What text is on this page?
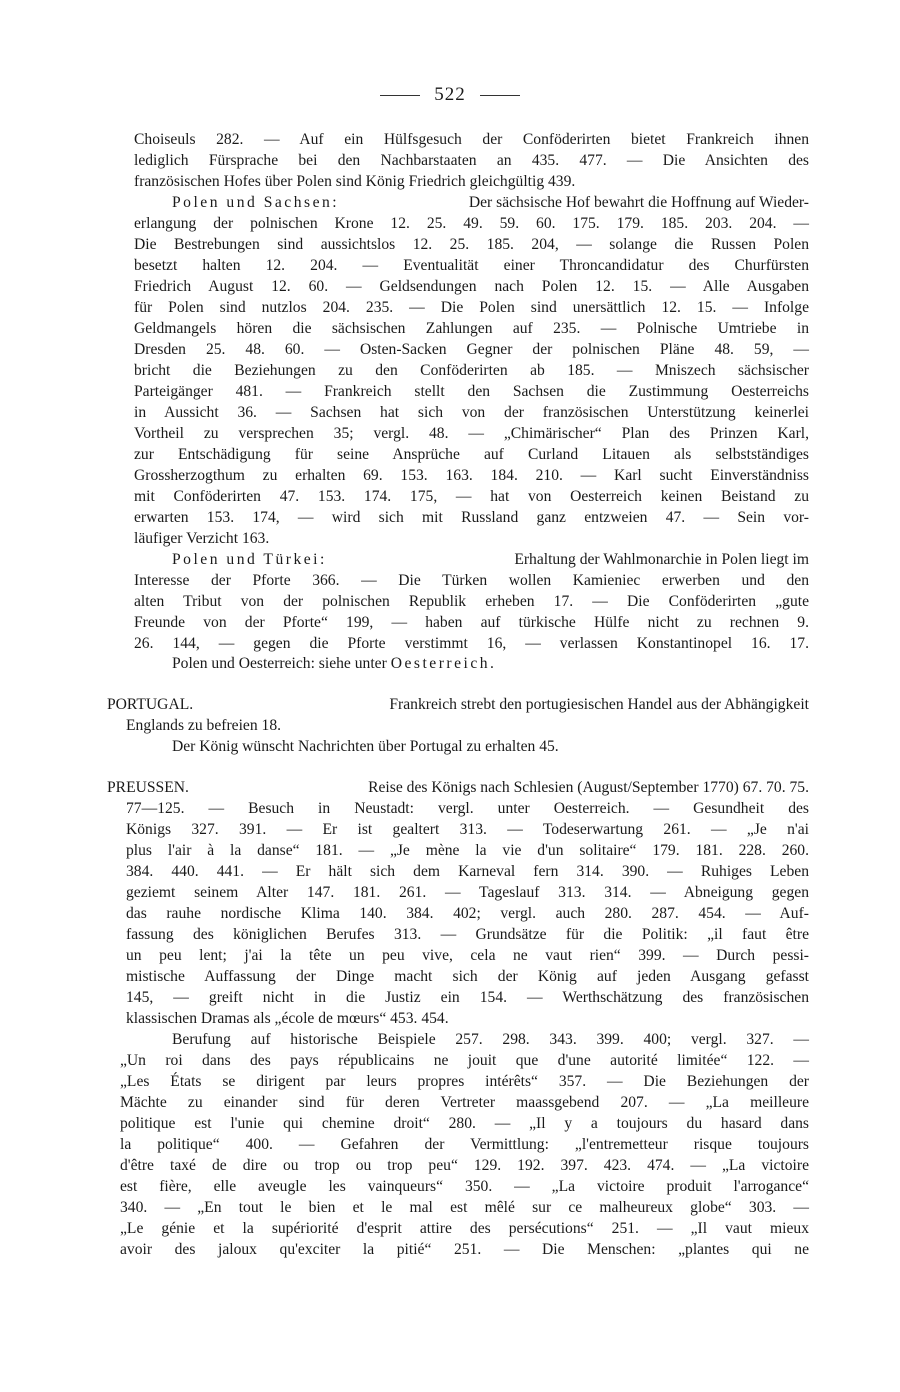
522
Choiseuls 282. — Auf ein Hülfsgesuch der Conföderirten bietet Frankreich ihnen
lediglich Fürsprache bei den Nachbarstaaten an 435. 477. — Die Ansichten des
französischen Hofes über Polen sind König Friedrich gleichgültig 439.
Polen und Sachsen:	Der sächsische Hof bewahrt die Hoffnung auf Wieder-
erlangung der polnischen Krone 12. 25. 49. 59. 60. 175. 179. 185. 203. 204. —
Die Bestrebungen sind aussichtslos 12. 25. 185. 204, — solange die Russen Polen
besetzt halten 12. 204. — Eventualität einer Throncandidatur des Churfürsten
Friedrich August 12. 60. — Geldsendungen nach Polen 12. 15. — Alle Ausgaben
für Polen sind nutzlos 204. 235. — Die Polen sind unersättlich 12. 15. — Infolge
Geldmangels hören die sächsischen Zahlungen auf 235. — Polnische Umtriebe in
Dresden 25. 48. 60. — Osten-Sacken Gegner der polnischen Pläne 48. 59, —
bricht die Beziehungen zu den Conföderirten ab 185. — Mniszech sächsischer
Parteigänger 481. — Frankreich stellt den Sachsen die Zustimmung Oesterreichs
in Aussicht 36. — Sachsen hat sich von der französischen Unterstützung keinerlei
Vortheil zu versprechen 35; vergl. 48. — „Chimärischer“ Plan des Prinzen Karl,
zur Entschädigung für seine Ansprüche auf Curland Litauen als selbstständiges
Grossherzogthum zu erhalten 69. 153. 163. 184. 210. — Karl sucht Einverständniss
mit Conföderirten 47. 153. 174. 175, — hat von Oesterreich keinen Beistand zu
erwarten 153. 174, — wird sich mit Russland ganz entzweien 47. — Sein vor-
läufiger Verzicht 163.
Polen und Türkei:	Erhaltung der Wahlmonarchie in Polen liegt im
Interesse der Pforte 366. — Die Türken wollen Kamieniec erwerben und den
alten Tribut von der polnischen Republik erheben 17. — Die Conföderirten „gute
Freunde von der Pforte“ 199, — haben auf türkische Hülfe nicht zu rechnen 9.
26. 144, — gegen die Pforte verstimmt 16, — verlassen Konstantinopel 16. 17.
Polen und Oesterreich: siehe unter Oesterreich.
PORTUGAL.	Frankreich strebt den portugiesischen Handel aus der Abhängigkeit
Englands zu befreien 18.
Der König wünscht Nachrichten über Portugal zu erhalten 45.
PREUSSEN.	Reise des Königs nach Schlesien (August/September 1770) 67. 70. 75.
77—125. — Besuch in Neustadt: vergl. unter Oesterreich. — Gesundheit des
Königs 327. 391. — Er ist gealtert 313. — Todeserwartung 261. — „Je n'ai
plus l'air à la danse“ 181. — „Je mène la vie d'un solitaire“ 179. 181. 228. 260.
384. 440. 441. — Er hält sich dem Karneval fern 314. 390. — Ruhiges Leben
geziemt seinem Alter 147. 181. 261. — Tageslauf 313. 314. — Abneigung gegen
das rauhe nordische Klima 140. 384. 402; vergl. auch 280. 287. 454. — Auf-
fassung des königlichen Berufes 313. — Grundsätze für die Politik: „il faut être
un peu lent; j'ai la tête un peu vive, cela ne vaut rien“ 399. — Durch pessi-
mistische Auffassung der Dinge macht sich der König auf jeden Ausgang gefasst
145, — greift nicht in die Justiz ein 154. — Werthschätzung des französischen
klassischen Dramas als „école de mœurs“ 453. 454.
Berufung auf historische Beispiele 257. 298. 343. 399. 400; vergl. 327. —
„Un roi dans des pays républicains ne jouit que d'une autorité limitée“ 122. —
„Les États se dirigent par leurs propres intérêts“ 357. — Die Beziehungen der
Mächte zu einander sind für deren Vertreter maassgebend 207. — „La meilleure
politique est l'unie qui chemine droit“ 280. — „Il y a toujours du hasard dans
la politique“ 400. — Gefahren der Vermittlung: „l'entremetteur risque toujours
d'être taxé de dire ou trop ou trop peu“ 129. 192. 397. 423. 474. — „La victoire
est fière, elle aveugle les vainqueurs“ 350. — „La victoire produit l'arrogance“
340. — „En tout le bien et le mal est mêlé sur ce malheureux globe“ 303. —
„Le génie et la supériorité d'esprit attire des persécutions“ 251. — „Il vaut mieux
avoir des jaloux qu'exciter la pitié“ 251. — Die Menschen: „plantes qui ne
